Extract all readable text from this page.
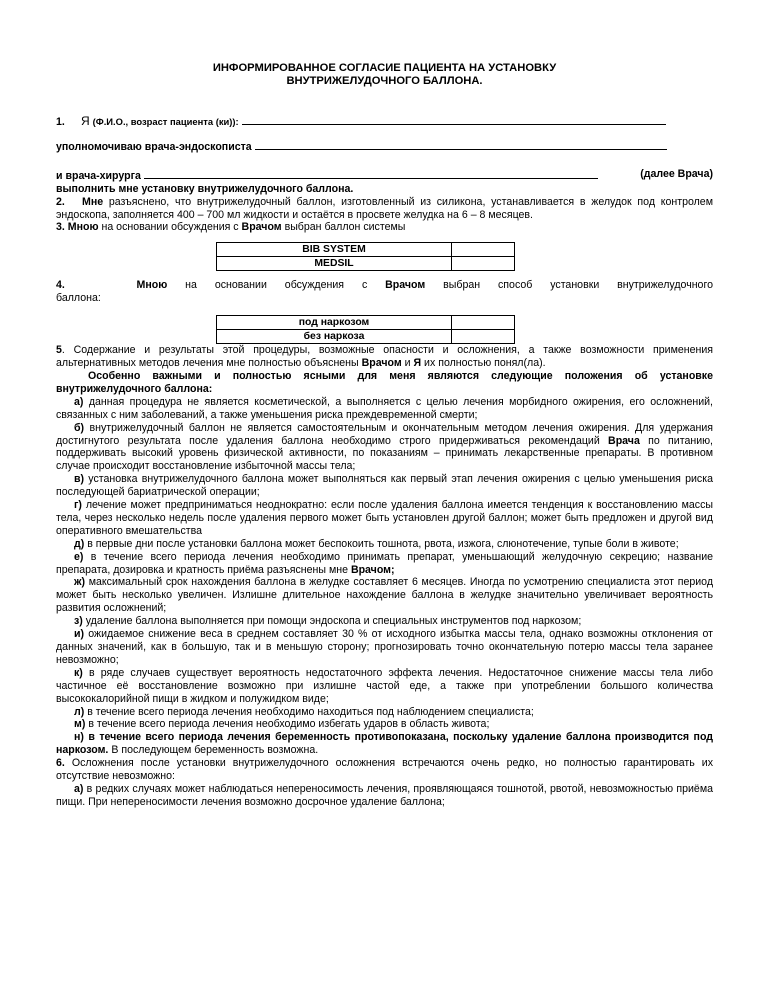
ИНФОРМИРОВАННОЕ СОГЛАСИЕ ПАЦИЕНТА НА УСТАНОВКУ
ВНУТРИЖЕЛУДОЧНОГО БАЛЛОНА.
1. Я (Ф.И.О., возраст пациента (ки)):
уполномочиваю врача-эндоскописта
и врача-хирурга	(далее Врача)
выполнить мне установку внутрижелудочного баллона.
2. Мне разъяснено, что внутрижелудочный баллон, изготовленный из силикона, устанавливается в желудок под контролем эндоскопа, заполняется 400 – 700 мл жидкости и остаётся в просвете желудка на 6 – 8 месяцев.
3. Мною на основании обсуждения с Врачом выбран баллон системы
BIB SYSTEM	
MEDSIL	
4.	Мною на основании обсуждения с Врачом выбран способ установки внутрижелудочного
баллона:
под наркозом	
без наркоза	
5. Содержание и результаты этой процедуры, возможные опасности и осложнения, а также возможности применения альтернативных методов лечения мне полностью объяснены Врачом и Я их полностью понял(ла).
Особенно важными и полностью ясными для меня являются следующие положения об установке внутрижелудочного баллона:
а) данная процедура не является косметической, а выполняется с целью лечения морбидного ожирения, его осложнений, связанных с ним заболеваний, а также уменьшения риска преждевременной смерти;
б) внутрижелудочный баллон не является самостоятельным и окончательным методом лечения ожирения. Для удержания достигнутого результата после удаления баллона необходимо строго придерживаться рекомендаций Врача по питанию, поддерживать высокий уровень физической активности, по показаниям – принимать лекарственные препараты. В противном случае происходит восстановление избыточной массы тела;
в) установка внутрижелудочного баллона может выполняться как первый этап лечения ожирения с целью уменьшения риска последующей бариатрической операции;
г) лечение может предприниматься неоднократно: если после удаления баллона имеется тенденция к восстановлению массы тела, через несколько недель после удаления первого может быть установлен другой баллон; может быть предложен и другой вид оперативного вмешательства
д) в первые дни после установки баллона может беспокоить тошнота, рвота, изжога, слюнотечение, тупые боли в животе;
е) в течение всего периода лечения необходимо принимать препарат, уменьшающий желудочную секрецию; название препарата, дозировка и кратность приёма разъяснены мне Врачом;
ж) максимальный срок нахождения баллона в желудке составляет 6 месяцев. Иногда по усмотрению специалиста этот период может быть несколько увеличен. Излишне длительное нахождение баллона в желудке значительно увеличивает вероятность развития осложнений;
з) удаление баллона выполняется при помощи эндоскопа и специальных инструментов под наркозом;
и) ожидаемое снижение веса в среднем составляет 30 % от исходного избытка массы тела, однако возможны отклонения от данных значений, как в большую, так и в меньшую сторону; прогнозировать точно окончательную потерю массы тела заранее невозможно;
к) в ряде случаев существует вероятность недостаточного эффекта лечения. Недостаточное снижение массы тела либо частичное её восстановление возможно при излишне частой еде, а также при употреблении большого количества высококалорийной пищи в жидком и полужидком виде;
л) в течение всего периода лечения необходимо находиться под наблюдением специалиста;
м) в течение всего периода лечения необходимо избегать ударов в область живота;
н) в течение всего периода лечения беременность противопоказана, поскольку удаление баллона производится под наркозом. В последующем беременность возможна.
6. Осложнения после установки внутрижелудочного осложнения встречаются очень редко, но полностью гарантировать их отсутствие невозможно:
а) в редких случаях может наблюдаться непереносимость лечения, проявляющаяся тошнотой, рвотой, невозможностью приёма пищи. При непереносимости лечения возможно досрочное удаление баллона;
